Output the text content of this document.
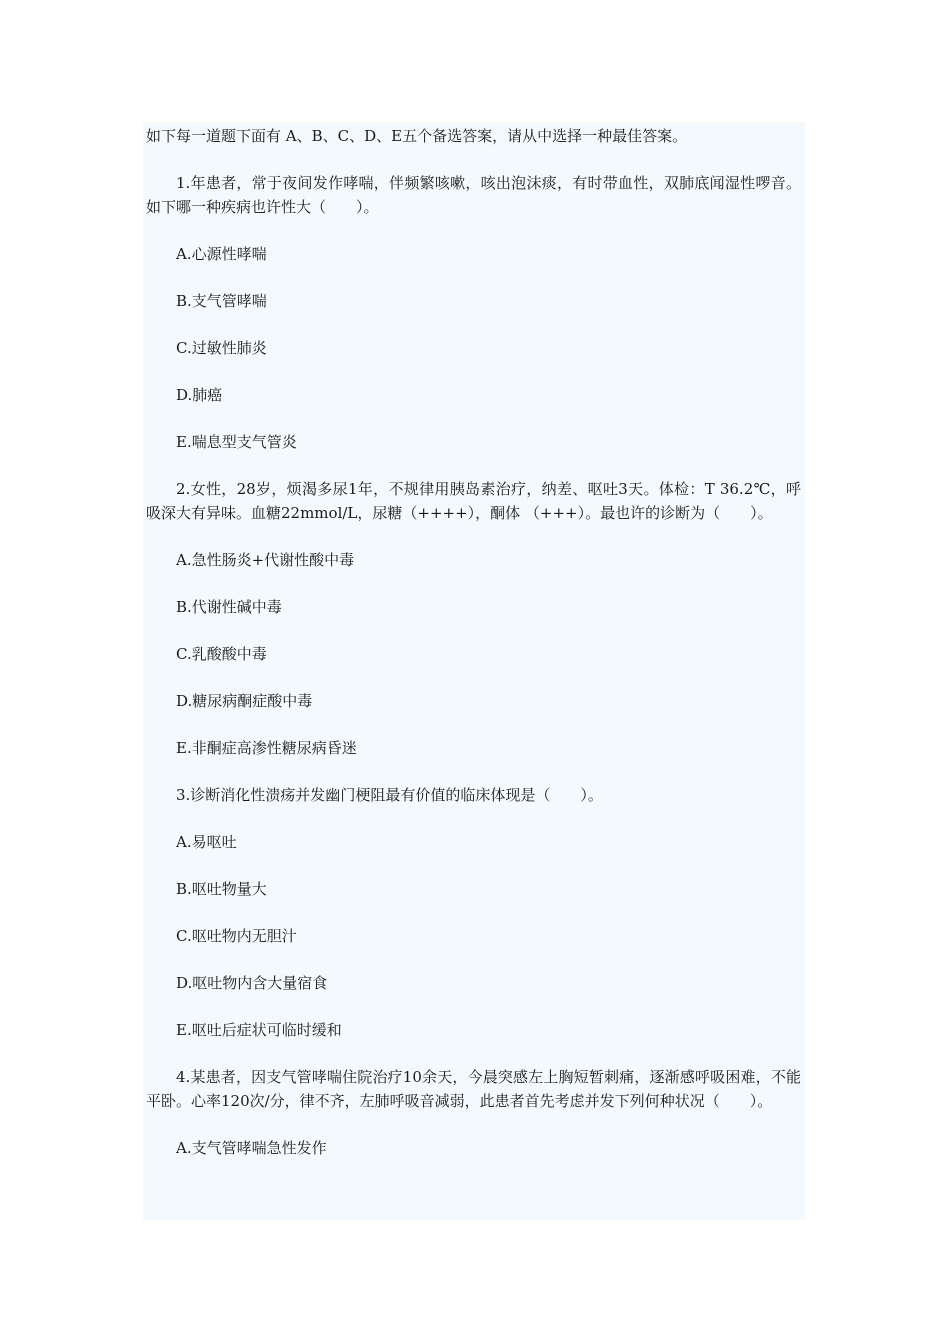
如下每一道题下面有 A、B、C、D、E五个备选答案，请从中选择一种最佳答案。

1.年患者，常于夜间发作哮喘，伴频繁咳嗽，咳出泡沫痰，有时带血性，双肺底闻湿性啰音。如下哪一种疾病也许性大（　　）。

A.心源性哮喘

B.支气管哮喘

C.过敏性肺炎

D.肺癌

E.喘息型支气管炎

2.女性，28岁，烦渴多尿1年，不规律用胰岛素治疗，纳差、呕吐3天。体检：T 36.2℃，呼吸深大有异味。血糖22mmol/L，尿糖（++++），酮体 （+++）。最也许的诊断为（　　）。

A.急性肠炎+代谢性酸中毒

B.代谢性碱中毒

C.乳酸酸中毒

D.糖尿病酮症酸中毒

E.非酮症高渗性糖尿病昏迷

3.诊断消化性溃疡并发幽门梗阻最有价值的临床体现是（　　）。

A.易呕吐

B.呕吐物量大

C.呕吐物内无胆汁

D.呕吐物内含大量宿食

E.呕吐后症状可临时缓和

4.某患者，因支气管哮喘住院治疗10余天，今晨突感左上胸短暂刺痛，逐渐感呼吸困难，不能平卧。心率120次/分，律不齐，左肺呼吸音减弱，此患者首先考虑并发下列何种状况（　　）。

A.支气管哮喘急性发作
